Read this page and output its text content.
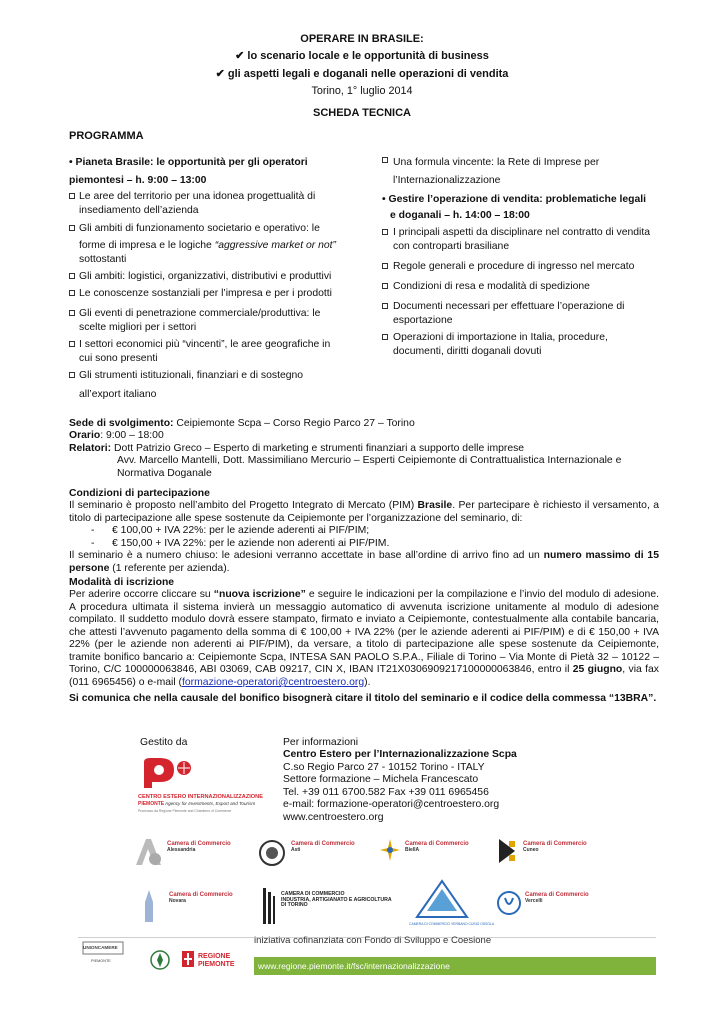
OPERARE IN BRASILE:
✔ lo scenario locale e le opportunità di business
✔ gli aspetti legali e doganali nelle operazioni di vendita
Torino, 1° luglio 2014
SCHEDA TECNICA
PROGRAMMA
• Pianeta Brasile: le opportunità per gli operatori
piemontesi – h. 9:00 – 13:00
Le aree del territorio per una idonea progettualità di
insediamento dell’azienda
Gli ambiti di funzionamento societario e operativo: le
forme di impresa e le logiche “aggressive market or not”
sottostanti
Gli ambiti: logistici, organizzativi, distributivi e produttivi
Le conoscenze sostanziali per l’impresa e per i prodotti
Gli eventi di penetrazione commerciale/produttiva: le
scelte migliori per i settori
I settori economici più “vincenti”, le aree geografiche in
cui sono presenti
Gli strumenti istituzionali, finanziari e di sostegno
all’export italiano
Una formula vincente: la Rete di Imprese per
l’Internazionalizzazione
• Gestire l’operazione di vendita: problematiche legali
e doganali – h. 14:00 – 18:00
I principali aspetti da disciplinare nel contratto di vendita
con controparti brasiliane
Regole generali e procedure di ingresso nel mercato
Condizioni di resa e modalità di spedizione
Documenti necessari per effettuare l’operazione di
esportazione
Operazioni di importazione in Italia, procedure,
documenti, diritti doganali dovuti
Sede di svolgimento: Ceipiemonte Scpa – Corso Regio Parco 27 – Torino
Orario: 9:00 – 18:00
Relatori: Dott Patrizio Greco – Esperto di marketing e strumenti finanziari a supporto delle imprese
Avv. Marcello Mantelli, Dott. Massimiliano Mercurio – Esperti Ceipiemonte di Contrattualistica Internazionale e
Normativa Doganale
Condizioni di partecipazione
Il seminario è proposto nell’ambito del Progetto Integrato di Mercato (PIM) Brasile. Per partecipare è richiesto il versamento, a titolo di partecipazione alle spese sostenute da Ceipiemonte per l’organizzazione del seminario, di:
- € 100,00 + IVA 22%: per le aziende aderenti ai PIF/PIM;
- € 150,00 + IVA 22%: per le aziende non aderenti ai PIF/PIM.
Il seminario è a numero chiuso: le adesioni verranno accettate in base all’ordine di arrivo fino ad un numero massimo di 15 persone (1 referente per azienda).
Modalità di iscrizione
Per aderire occorre cliccare su “nuova iscrizione” e seguire le indicazioni per la compilazione e l’invio del modulo di adesione. A procedura ultimata il sistema invierà un messaggio automatico di avvenuta iscrizione unitamente al modulo di adesione compilato. Il suddetto modulo dovrà essere stampato, firmato e inviato a Ceipiemonte, contestualmente alla contabile bancaria, che attesti l’avvenuto pagamento della somma di € 100,00 + IVA 22% (per le aziende aderenti ai PIF/PIM) e di € 150,00 + IVA 22% (per le aziende non aderenti ai PIF/PIM), da versare, a titolo di partecipazione alle spese sostenute da Ceipiemonte, tramite bonifico bancario a: Ceipiemonte Scpa, INTESA SAN PAOLO S.P.A., Filiale di Torino – Via Monte di Pietà 32 – 10122 – Torino, C/C 100000063846, ABI 03069, CAB 09217, CIN X, IBAN IT21X0306909217100000063846, entro il 25 giugno, via fax (011 6965456) o e-mail (formazione-operatori@centroestero.org).
Si comunica che nella causale del bonifico bisognerà citare il titolo del seminario e il codice della commessa “13BRA”.
Gestito da
CENTRO ESTERO INTERNAZIONALIZZAZIONE
PIEMONTE Agency for Investments, Export and Tourism
Promosso da Regione Piemonte and Chambers of Commerce
Per informazioni
Centro Estero per l’Internazionalizzazione Scpa
C.so Regio Parco 27 - 10152 Torino - ITALY
Settore formazione – Michela Francescato
Tel. +39 011 6700.582 Fax +39 011 6965456
e-mail: formazione-operatori@centroestero.org
www.centroestero.org
Camera di Commercio
Alessandria
Camera di Commercio
Asti
Camera di Commercio
BiellA
Camera di Commercio
Cuneo
Camera di Commercio
Novara
CAMERA DI COMMERCIO
INDUSTRIA, ARTIGIANATO E AGRICOLTURA
DI TORINO
CAMERA DI COMMERCIO VERBANO CUSIO OSSOLA
Camera di Commercio
Vercelli
UNIONCAMERE
PIEMONTE
REGIONE
PIEMONTE
iniziativa cofinanziata con Fondo di Sviluppo e Coesione
www.regione.piemonte.it/fsc/internazionalizzazione
